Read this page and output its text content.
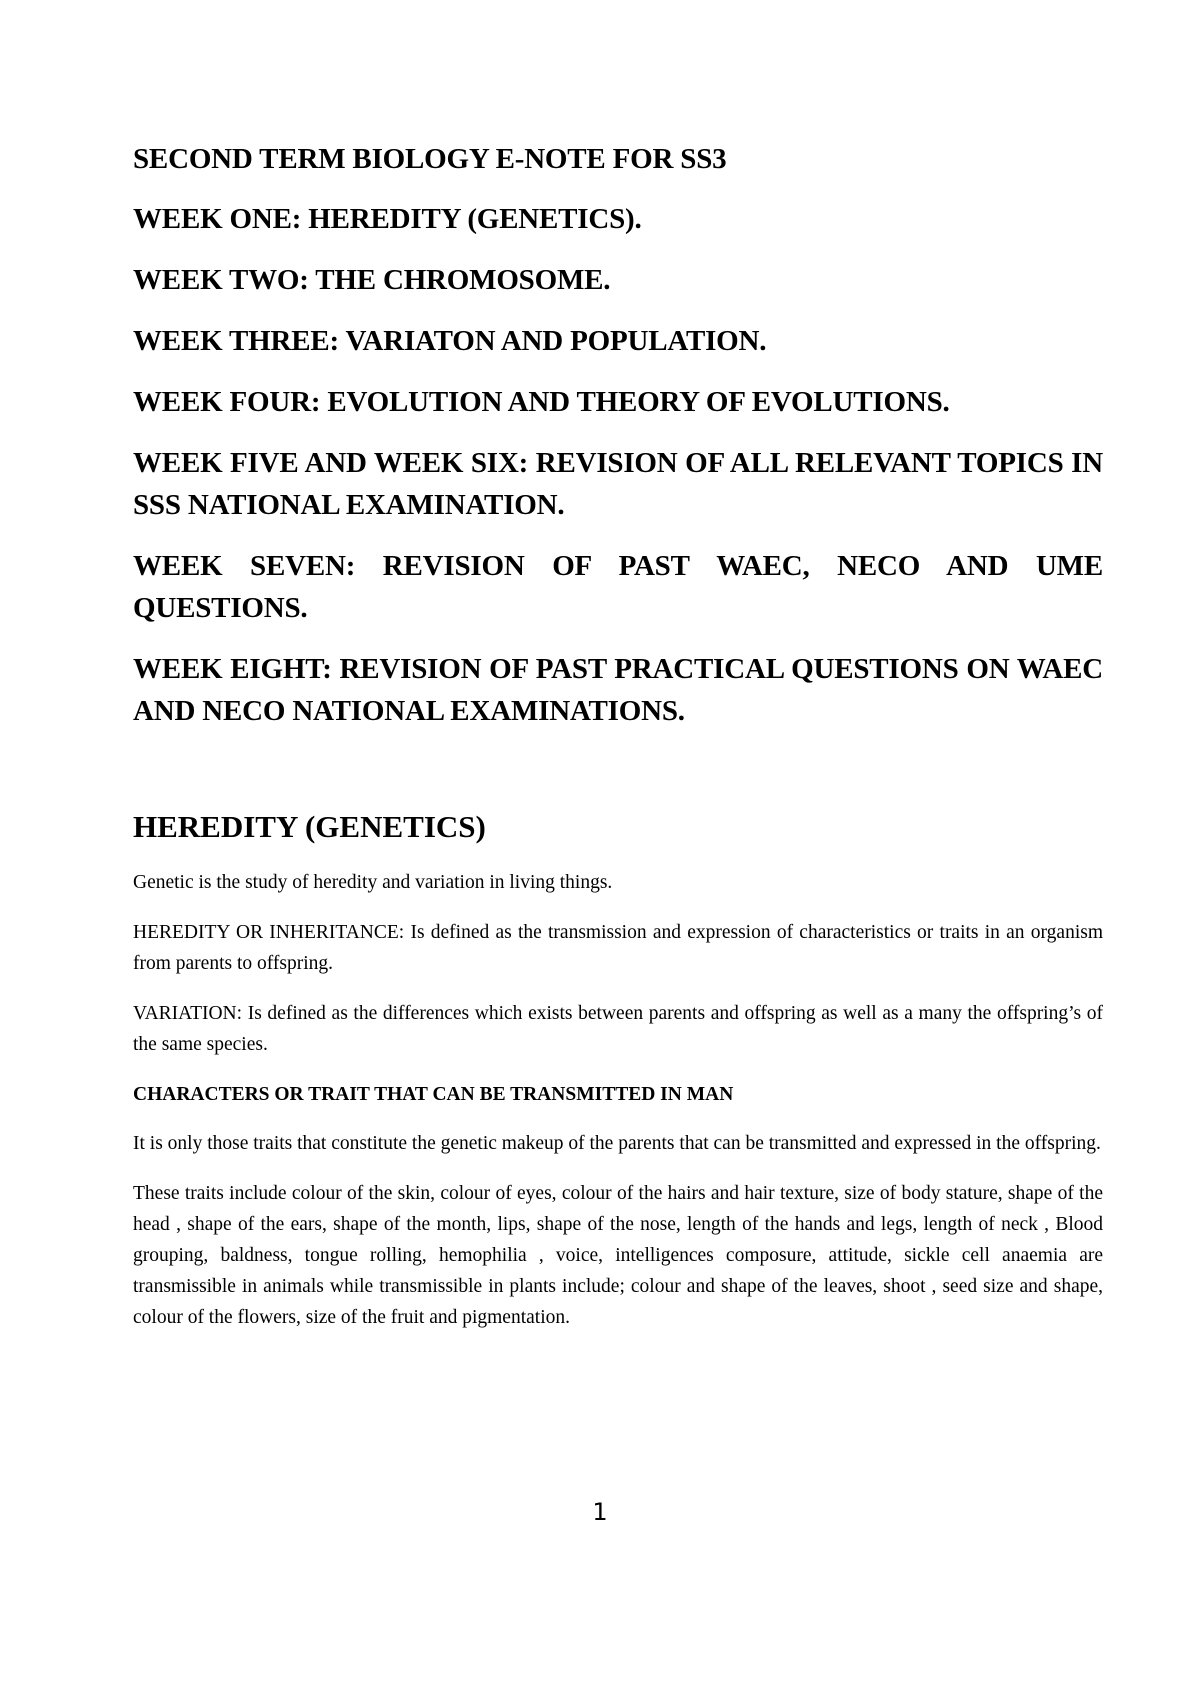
SECOND TERM BIOLOGY E-NOTE FOR SS3

WEEK ONE: HEREDITY (GENETICS).

WEEK TWO: THE CHROMOSOME.

WEEK THREE: VARIATON AND POPULATION.

WEEK FOUR: EVOLUTION AND THEORY OF EVOLUTIONS.

WEEK FIVE AND WEEK SIX: REVISION OF ALL RELEVANT TOPICS IN SSS NATIONAL EXAMINATION.

WEEK SEVEN: REVISION OF PAST WAEC, NECO AND UME QUESTIONS.

WEEK EIGHT: REVISION OF PAST PRACTICAL QUESTIONS ON WAEC AND NECO NATIONAL EXAMINATIONS.

HEREDITY (GENETICS)

Genetic is the study of heredity and variation in living things.

HEREDITY OR INHERITANCE: Is defined as the transmission and expression of characteristics or traits in an organism from parents to offspring.

VARIATION: Is defined as the differences which exists between parents and offspring as well as a many the offspring’s of the same species.

CHARACTERS OR TRAIT THAT CAN BE TRANSMITTED IN MAN

It is only those traits that constitute the genetic makeup of the parents that can be transmitted and expressed in the offspring.

These traits include colour of the skin, colour of eyes, colour of the hairs and hair texture, size of body stature, shape of the head , shape of the ears, shape of the month, lips, shape of the nose, length of the hands and legs, length of neck , Blood grouping, baldness, tongue rolling, hemophilia , voice, intelligences composure, attitude, sickle cell anaemia are transmissible in animals while transmissible in plants include; colour and shape of the leaves, shoot , seed size and shape, colour of the flowers, size of the fruit and pigmentation.

1
